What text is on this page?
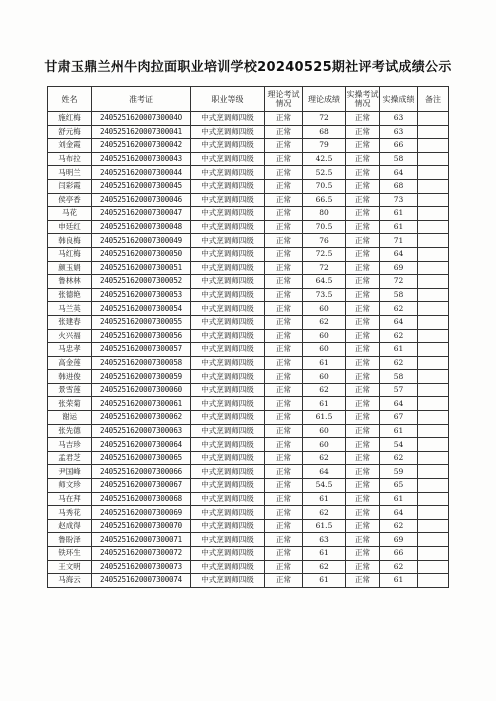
甘肃玉鼎兰州牛肉拉面职业培训学校20240525期社评考试成绩公示
姓名	准考证	职业等级	理论考试情况	理论成绩	实操考试情况	实操成绩	备注
施红梅	240525162000730004O	中式烹调师四级	正常	72	正常	63	
舒元梅	2405251620007300041	中式烹调师四级	正常	68	正常	63	
刘金霞	2405251620007300042	中式烹调师四级	正常	79	正常	66	
马布拉	2405251620007300043	中式烹调师四级	正常	42.5	正常	58	
马明兰	2405251620007300044	中式烹调师四级	正常	52.5	正常	64	
闫彩霞	2405251620007300045	中式烹调师四级	正常	70.5	正常	68	
侯亭香	2405251620007300046	中式烹调师四级	正常	66.5	正常	73	
马花	2405251620007300047	中式烹调师四级	正常	80	正常	61	
申廷红	2405251620007300048	中式烹调师四级	正常	70.5	正常	61	
韩良梅	2405251620007300049	中式烹调师四级	正常	76	正常	71	
马红梅	2405251620007300050	中式烹调师四级	正常	72.5	正常	64	
颜玉娟	2405251620007300051	中式烹调师四级	正常	72	正常	69	
鲁林林	2405251620007300052	中式烹调师四级	正常	64.5	正常	72	
张德艳	2405251620007300053	中式烹调师四级	正常	73.5	正常	58	
马兰英	2405251620007300054	中式烹调师四级	正常	60	正常	62	
张建春	2405251620007300055	中式烹调师四级	正常	62	正常	64	
火兴福	2405251620007300056	中式烹调师四级	正常	60	正常	62	
马忠孝	2405251620007300057	中式烹调师四级	正常	60	正常	61	
高金莲	2405251620007300058	中式烹调师四级	正常	61	正常	62	
韩进俊	2405251620007300059	中式烹调师四级	正常	60	正常	58	
景雪莲	2405251620007300060	中式烹调师四级	正常	62	正常	57	
张荣菊	2405251620007300061	中式烹调师四级	正常	61	正常	64	
谢运	2405251620007300062	中式烹调师四级	正常	61.5	正常	67	
张先德	2405251620007300063	中式烹调师四级	正常	60	正常	61	
马吉珍	2405251620007300064	中式烹调师四级	正常	60	正常	54	
孟君芝	2405251620007300065	中式烹调师四级	正常	62	正常	62	
尹国峰	2405251620007300066	中式烹调师四级	正常	64	正常	59	
师文珍	2405251620007300067	中式烹调师四级	正常	54.5	正常	65	
马在拜	2405251620007300068	中式烹调师四级	正常	61	正常	61	
马秀花	2405251620007300069	中式烹调师四级	正常	62	正常	64	
赵成得	2405251620007300070	中式烹调师四级	正常	61.5	正常	62	
鲁盼泽	2405251620007300071	中式烹调师四级	正常	63	正常	69	
铁环生	2405251620007300072	中式烹调师四级	正常	61	正常	66	
王文明	2405251620007300073	中式烹调师四级	正常	62	正常	62	
马海云	2405251620007300074	中式烹调师四级	正常	61	正常	61	
